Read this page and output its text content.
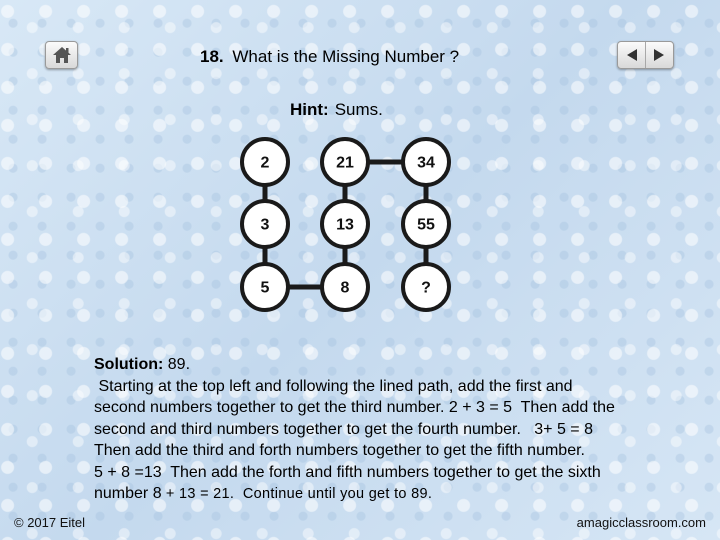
18. What is the Missing Number ?
Hint: Sums.
2	21	34
3	13	55
5	8	?
Solution: 89.
Starting at the top left and following the lined path, add the first and
second numbers together to get the third number. 2 + 3 = 5  Then add the
second and third numbers together to get the fourth number.   3+ 5 = 8
Then add the third and forth numbers together to get the fifth number.
5 + 8 =13  Then add the forth and fifth numbers together to get the sixth
number 8 + 13 = 21.  Continue until you get to 89.
© 2017 Eitel	amagicclassroom.com
